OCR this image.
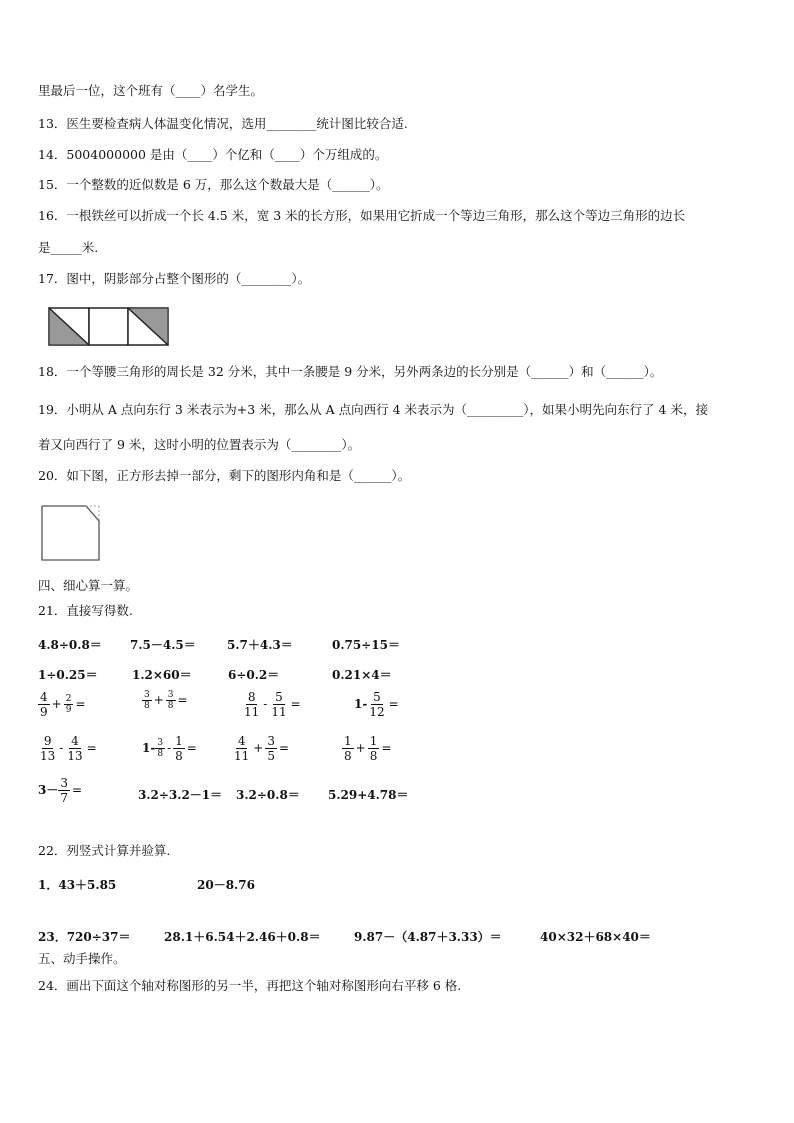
里最后一位，这个班有（____）名学生。
13．医生要检查病人体温变化情况，选用________统计图比较合适.
14．5004000000 是由（____）个亿和（____）个万组成的。
15．一个整数的近似数是 6 万，那么这个数最大是（______）。
16．一根铁丝可以折成一个长 4.5 米，宽 3 米的长方形，如果用它折成一个等边三角形，那么这个等边三角形的边长
是_____米.
17．图中，阴影部分占整个图形的（________）。
18．一个等腰三角形的周长是 32 分米，其中一条腰是 9 分米，另外两条边的长分别是（______）和（______）。
19．小明从 A 点向东行 3 米表示为+3 米，那么从 A 点向西行 4 米表示为（_________），如果小明先向东行了 4 米，接
着又向西行了 9 米，这时小明的位置表示为（________）。
20．如下图，正方形去掉一部分，剩下的图形内角和是（______）。
四、细心算一算。
21．直接写得数.
4.8÷0.8＝ 7.5－4.5＝	5.7＋4.3＝	0.75÷15＝
1÷0.25＝	1.2×60＝	6÷0.2＝	0.21×4＝
$\frac{4}{9} + \frac{2}{9}$ =	$\frac{3}{8} + \frac{3}{8}$ =	$\frac{8}{11} - \frac{5}{11}$ =	$1- \frac{5}{12}$ =
$\frac{9}{13} - \frac{4}{13}$ =	$1- \frac{3}{8} - \frac{1}{8}$ =	$\frac{4}{11} + \frac{3}{5}$ =	$\frac{1}{8} + \frac{1}{8}$ =
$3- \frac{3}{7}$ =	3.2÷3.2－1＝ 3.2÷0.8＝ 5.29+4.78＝
22．列竖式计算并验算.
1．43＋5.85	20－8.76
23．720÷37＝	28.1＋6.54＋2.46＋0.8＝	9.87－（4.87＋3.33）＝	40×32＋68×40＝
五、动手操作。
24．画出下面这个轴对称图形的另一半，再把这个轴对称图形向右平移 6 格.
